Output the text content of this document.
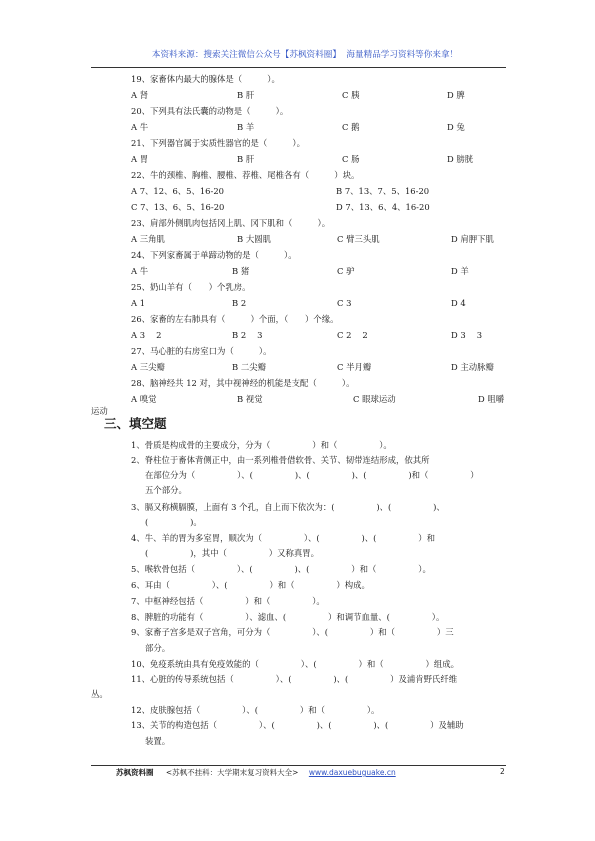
本资料来源：搜索关注微信公众号【苏枫资料圈】 海量精品学习资料等你来拿！
19、家畜体内最大的腺体是（　　　）。
A 肾	B 肝	C 胰	D 脾
20、下列具有法氏囊的动物是（　　　）。
A 牛	B 羊	C 鹅	D 兔
21、下列器官属于实质性器官的是（　　　）。
A 胃	B 肝	C 肠	D 膀胱
22、牛的颈椎、胸椎、腰椎、荐椎、尾椎各有（　　　）块。
A 7、12、6、5、16-20	B 7、13、7、5、16-20
C 7、13、6、5、16-20	D 7、13、6、4、16-20
23、肩部外侧肌肉包括冈上肌、冈下肌和（　　　）。
A 三角肌	B 大圆肌	C 臂三头肌	D 肩胛下肌
24、下列家畜属于单蹄动物的是（　　　）。
A 牛	B 猪	C 驴	D 羊
25、奶山羊有（　　）个乳房。
A 1	B 2	C 3	D 4
26、家畜的左右肺具有（　　　）个面，（　　）个缘。
A 3　 2	B 2　 3	C 2　 2	D 3　 3
27、马心脏的右房室口为（　　　）。
A 三尖瓣	B 二尖瓣	C 半月瓣	D 主动脉瓣
28、脑神经共 12 对，其中视神经的机能是支配（　　　）。
A 嗅觉	B 视觉	C 眼球运动	D 咀嚼
运动
1、骨质是构成骨的主要成分，分为（　　　　　）和（　　　　　）。
2、脊柱位于畜体背侧正中，由一系列椎骨借软骨、关节、韧带连结形成，依其所
在部位分为（　　　　　）、(　　　　　)、(　　　　　)、(　　　　　)和（　　　　　）
五个部分。
3、膈又称横膈膜，上面有 3 个孔，自上而下依次为：(　　　　　)、(　　　　　)、
(　　　　　)。
4、牛、羊的胃为多室胃，顺次为（　　　　　）、(　　　　　)、(　　　　　）和
(　　　　　)，其中（　　　　　）又称真胃。
5、喉软骨包括（　　　　　）、(　　　　　)、(　　　　　）和（　　　　　）。
6、耳由（　　　　　）、(　　　　　）和（　　　　　）构成。
7、中枢神经包括（　　　　　）和（　　　　　）。
8、脾脏的功能有（　　　　　）、滤血、(　　　　　）和调节血量、(　　　　　）。
9、家畜子宫多是双子宫角，可分为（　　　　　）、(　　　　　）和（　　　　　）三
部分。
10、免疫系统由具有免疫效能的（　　　　　）、(　　　　　）和（　　　　　）组成。
11、心脏的传导系统包括（　　　　　）、(　　　　　)、(　　　　　）及浦肯野氏纤维
丛。
12、皮肤腺包括（　　　　　）、(　　　　　）和（　　　　　）。
13、关节的构造包括（　　　　　）、(　　　　　)、(　　　　　)、(　　　　　）及辅助
装置。
三、填空题
苏枫资料圈 <苏枫不挂科：大学期末复习资料大全> www.daxuebuguake.cn	2
